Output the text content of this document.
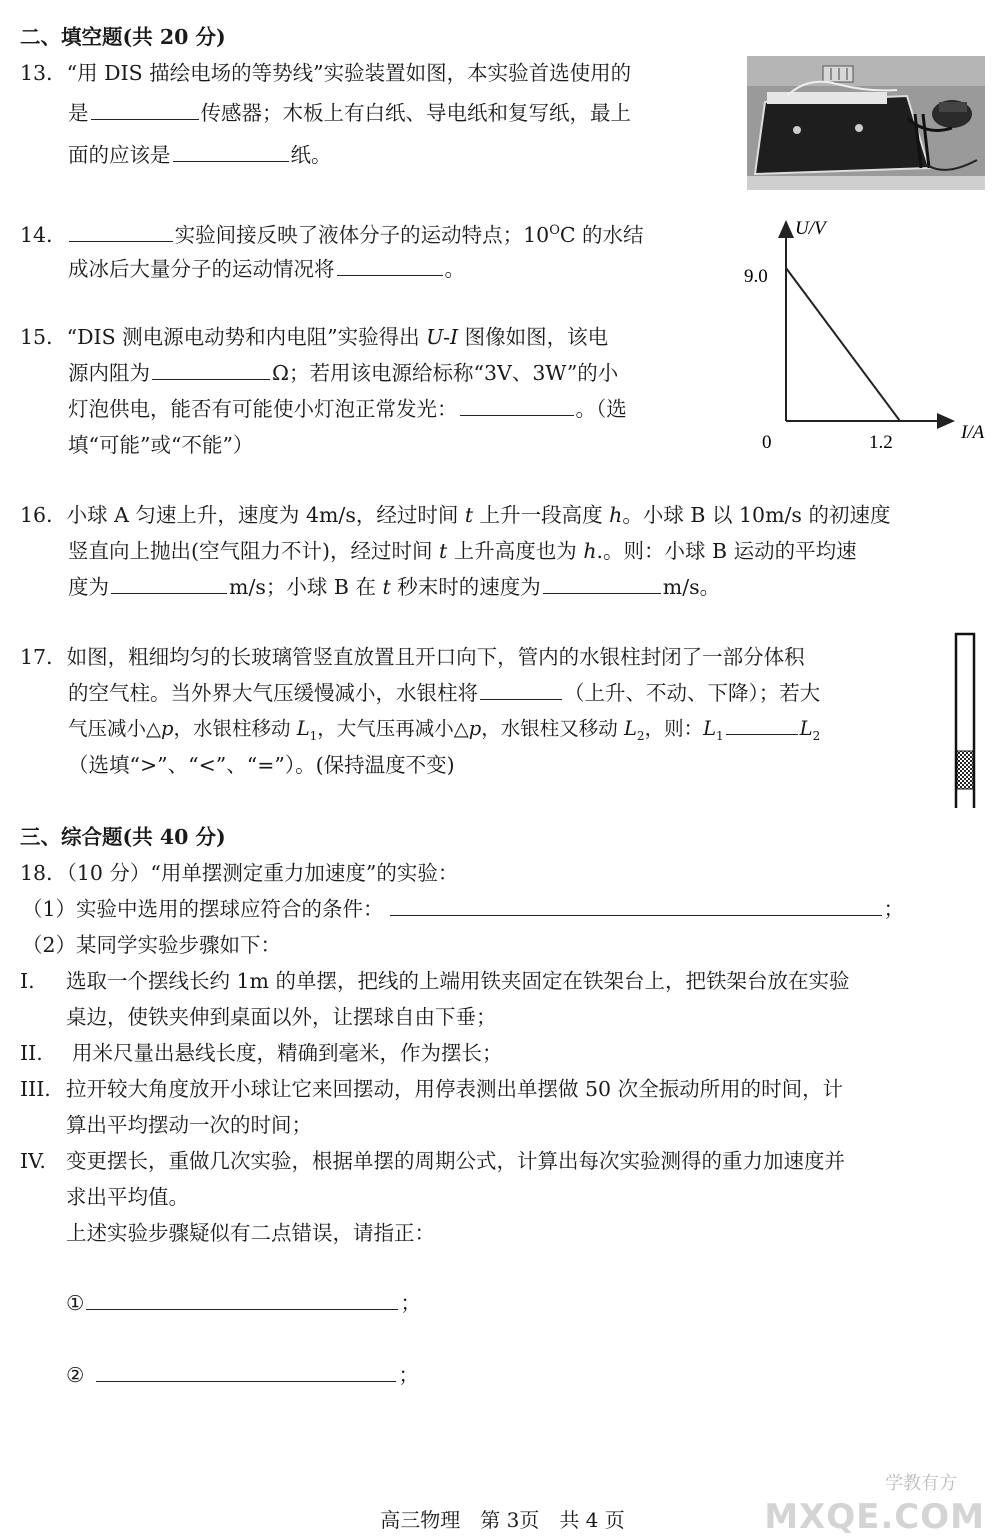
二、填空题(共 20 分)
13．“用 DIS 描绘电场的等势线”实验装置如图，本实验首选使用的
是	传感器；木板上有白纸、导电纸和复写纸，最上
面的应该是	纸。
14．	实验间接反映了液体分子的运动特点；$10^OC$ 的水结
成冰后大量分子的运动情况将	。
15．“DIS 测电源电动势和内电阻”实验得出 U-I 图像如图，该电
源内阻为	Ω；若用该电源给标称“3V、3W”的小
灯泡供电，能否有可能使小灯泡正常发光：	。（选
填“可能”或“不能”）
U/V
9.0
0	1.2	I/A
16．小球 A 匀速上升，速度为 4m/s，经过时间 t 上升一段高度 h。小球 B 以 10m/s 的初速度
竖直向上抛出(空气阻力不计)，经过时间 t 上升高度也为 h.。则：小球 B 运动的平均速
度为	m/s；小球 B 在 t 秒末时的速度为	m/s。
17．如图，粗细均匀的长玻璃管竖直放置且开口向下，管内的水银柱封闭了一部分体积
的空气柱。当外界大气压缓慢减小，水银柱将	（上升、不动、下降）；若大
气压减小△p，水银柱移动 $L_1$，大气压再减小△p，水银柱又移动 $L_2$，则：$L_1$	$L_2$
（选填“>”、“<”、“=”）。(保持温度不变)
三、综合题(共 40 分)
18．（10 分）“用单摆测定重力加速度”的实验：
（1）实验中选用的摆球应符合的条件：	；
（2）某同学实验步骤如下：
I. 选取一个摆线长约 1m 的单摆，把线的上端用铁夹固定在铁架台上，把铁架台放在实验
桌边，使铁夹伸到桌面以外，让摆球自由下垂；
II. 用米尺量出悬线长度，精确到毫米，作为摆长；
III. 拉开较大角度放开小球让它来回摆动，用停表测出单摆做 50 次全振动所用的时间，计
算出平均摆动一次的时间；
IV. 变更摆长，重做几次实验，根据单摆的周期公式，计算出每次实验测得的重力加速度并
求出平均值。
上述实验步骤疑似有二点错误，请指正：
①	；
②	；
高三物理　第 3页　共 4 页
学教有方
MXQE.COM
